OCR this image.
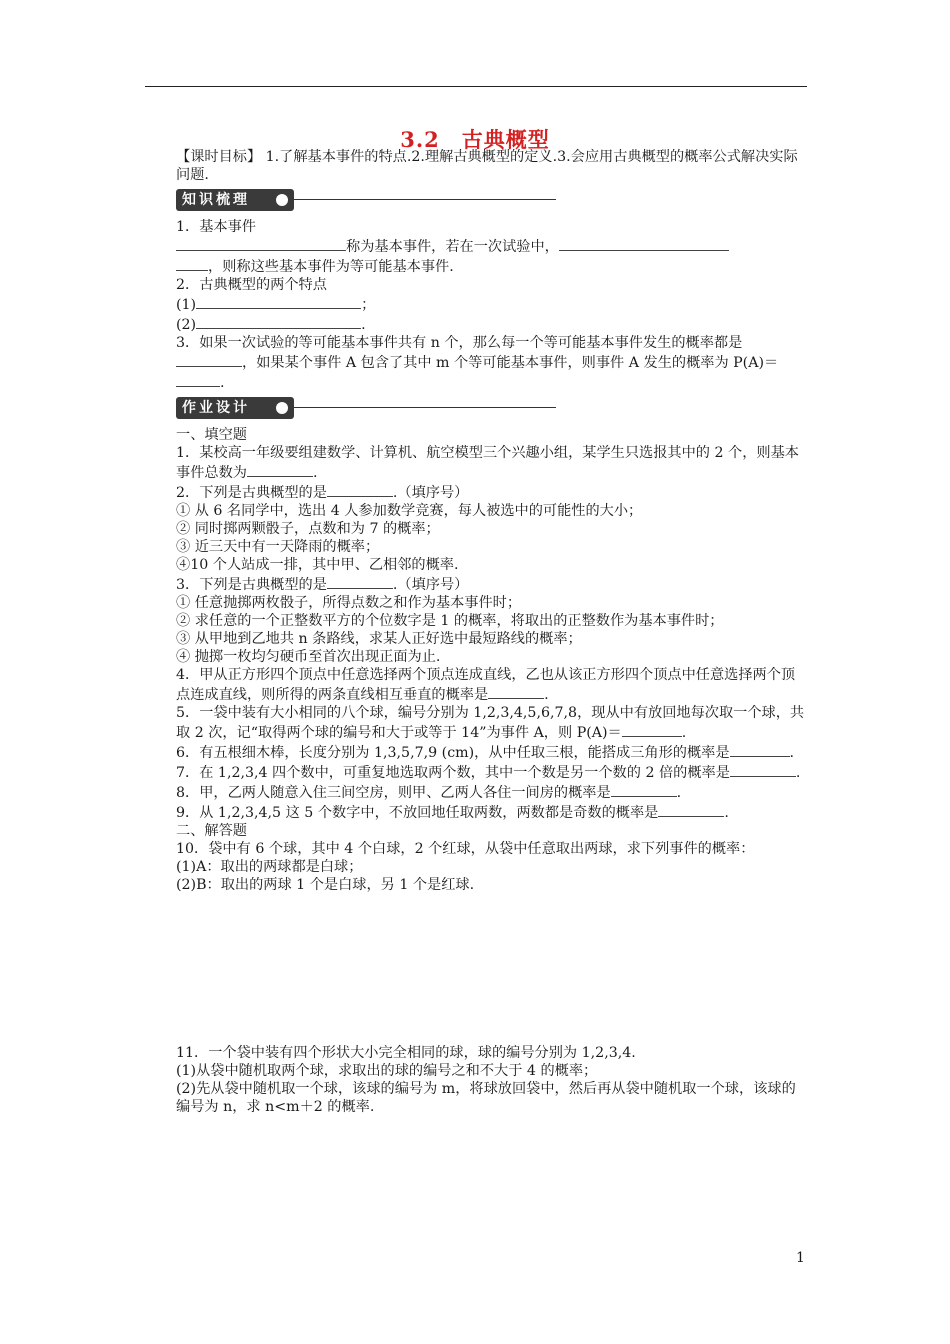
3.2　古典概型

【课时目标】 1.了解基本事件的特点.2.理解古典概型的定义.3.会应用古典概型的概率公式解决实际问题.

知识梳理

1．基本事件

称为基本事件，若在一次试验中，

，则称这些基本事件为等可能基本事件.

2．古典概型的两个特点

(1)	；

(2)	.

3．如果一次试验的等可能基本事件共有 n 个，那么每一个等可能基本事件发生的概率都是，如果某个事件 A 包含了其中 m 个等可能基本事件，则事件 A 发生的概率为 P(A)＝.

作业设计

一、填空题

1．某校高一年级要组建数学、计算机、航空模型三个兴趣小组，某学生只选报其中的 2 个，则基本事件总数为	.

2．下列是古典概型的是	.（填序号）

① 从 6 名同学中，选出 4 人参加数学竞赛，每人被选中的可能性的大小；

② 同时掷两颗骰子，点数和为 7 的概率；

③ 近三天中有一天降雨的概率；

④10 个人站成一排，其中甲、乙相邻的概率.

3．下列是古典概型的是	.（填序号）

① 任意抛掷两枚骰子，所得点数之和作为基本事件时；

② 求任意的一个正整数平方的个位数字是 1 的概率，将取出的正整数作为基本事件时；

③ 从甲地到乙地共 n 条路线，求某人正好选中最短路线的概率；

④ 抛掷一枚均匀硬币至首次出现正面为止.

4．甲从正方形四个顶点中任意选择两个顶点连成直线，乙也从该正方形四个顶点中任意选择两个顶点连成直线，则所得的两条直线相互垂直的概率是	.

5．一袋中装有大小相同的八个球，编号分别为 1,2,3,4,5,6,7,8，现从中有放回地每次取一个球，共取 2 次，记“取得两个球的编号和大于或等于 14”为事件 A，则 P(A)＝	.

6．有五根细木棒，长度分别为 1,3,5,7,9 (cm)，从中任取三根，能搭成三角形的概率是	.

7．在 1,2,3,4 四个数中，可重复地选取两个数，其中一个数是另一个数的 2 倍的概率是	.

8．甲，乙两人随意入住三间空房，则甲、乙两人各住一间房的概率是	.

9．从 1,2,3,4,5 这 5 个数字中，不放回地任取两数，两数都是奇数的概率是	.

二、解答题

10．袋中有 6 个球，其中 4 个白球，2 个红球，从袋中任意取出两球，求下列事件的概率：

(1)A：取出的两球都是白球；

(2)B：取出的两球 1 个是白球，另 1 个是红球.

11．一个袋中装有四个形状大小完全相同的球，球的编号分别为 1,2,3,4.

(1)从袋中随机取两个球，求取出的球的编号之和不大于 4 的概率；

(2)先从袋中随机取一个球，该球的编号为 m，将球放回袋中，然后再从袋中随机取一个球，该球的编号为 n，求 n<m＋2 的概率.

1
